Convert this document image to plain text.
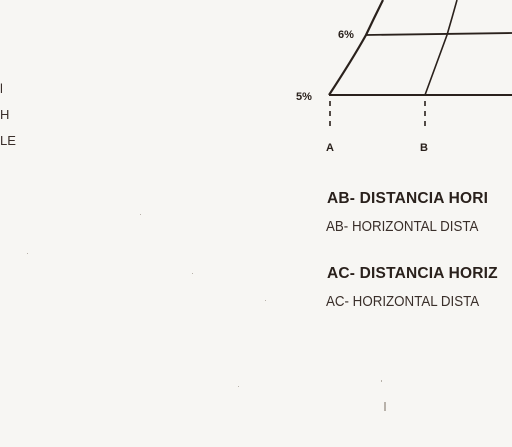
l
H
LE
6%
5%
A	B
AB- DISTANCIA HORI
AB- HORIZONTAL DISTA
AC- DISTANCIA HORIZ
AC- HORIZONTAL DISTA
